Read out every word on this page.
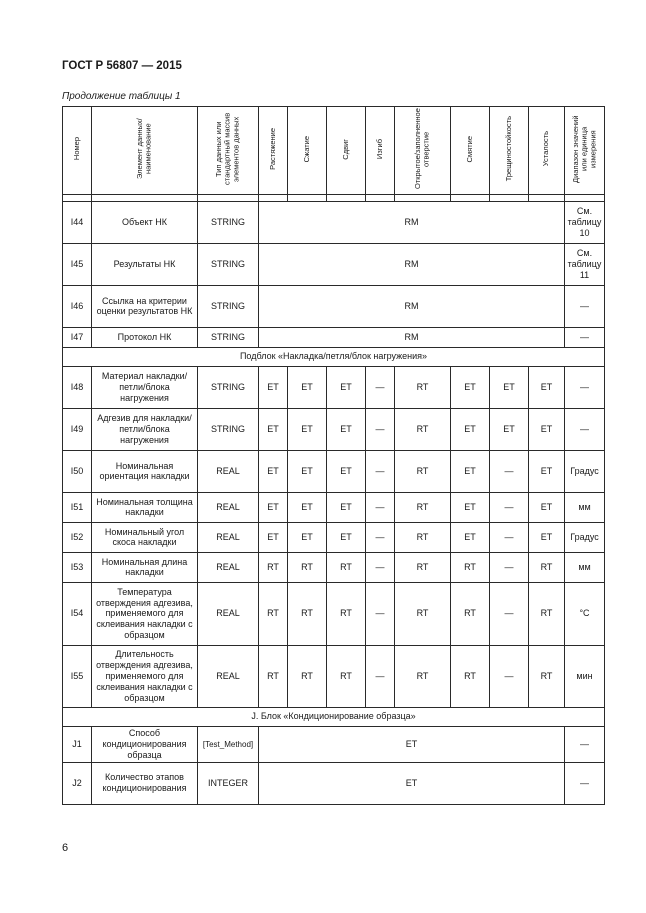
ГОСТ Р 56807 — 2015
Продолжение таблицы 1
Номер	Элемент данных/наименование	Тип данных или стандартный массив элементов данных	Растяжение	Сжатие	Сдвиг	Изгиб	Открытое/заполненное отверстие	Смятие	Трещиностойкость	Усталость	Диапазон значений или единица измерения

I44	Объект НК	STRING	RM								См. таблицу 10
I45	Результаты НК	STRING	RM								См. таблицу 11
I46	Ссылка на критерии оценки результатов НК	STRING	RM								—
I47	Протокол НК	STRING	RM								—
Подблок «Накладка/петля/блок нагружения»											
I48	Материал накладки/петли/блока нагружения	STRING	ET	ET	ET	—	RT	ET	ET	ET	—
I49	Адгезив для накладки/петли/блока нагружения	STRING	ET	ET	ET	—	RT	ET	ET	ET	—
I50	Номинальная ориентация накладки	REAL	ET	ET	ET	—	RT	ET	—	ET	Градус
I51	Номинальная толщина накладки	REAL	ET	ET	ET	—	RT	ET	—	ET	мм
I52	Номинальный угол скоса накладки	REAL	ET	ET	ET	—	RT	ET	—	ET	Градус
I53	Номинальная длина накладки	REAL	RT	RT	RT	—	RT	RT	—	RT	мм
I54	Температура отверждения адгезива, применяемого для склеивания накладки с образцом	REAL	RT	RT	RT	—	RT	RT	—	RT	°C
I55	Длительность отверждения адгезива, применяемого для склеивания накладки с образцом	REAL	RT	RT	RT	—	RT	RT	—	RT	мин
J. Блок «Кондиционирование образца»											
J1	Способ кондиционирования образца	[Test_Method]	ET								—
J2	Количество этапов кондиционирования	INTEGER	ET								—
6
